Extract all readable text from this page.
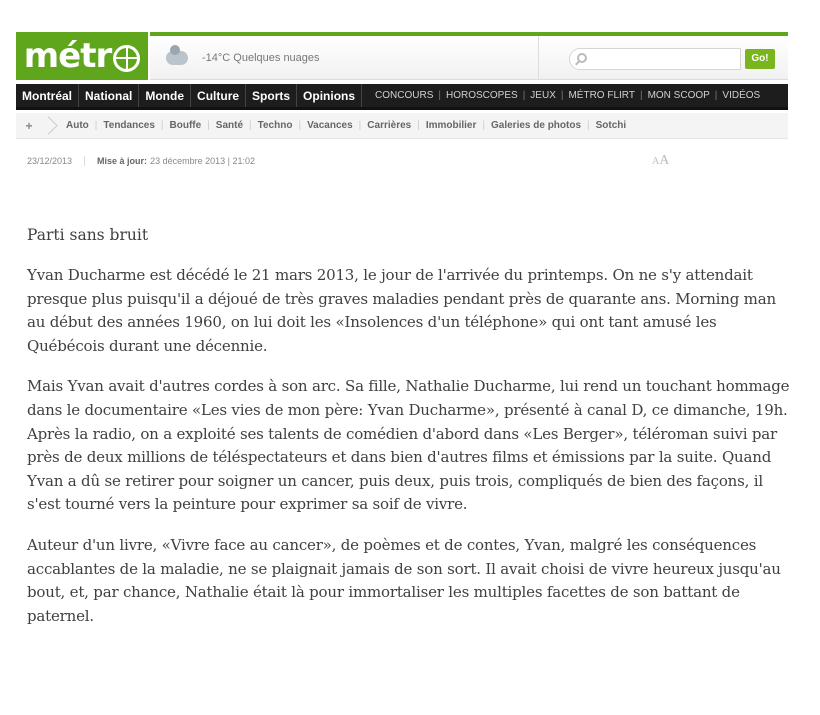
métr	-14°C Quelques nuages	Go!
Montréal	National	Monde	Culture	Sports	Opinions	CONCOURS | HOROSCOPES | JEUX | MÉTRO FLIRT | MON SCOOP | VIDÉOS
+	Auto | Tendances | Bouffe | Santé | Techno | Vacances | Carrières | Immobilier | Galeries de photos | Sotchi
23/12/2013	Mise à jour: 23 décembre 2013 | 21:02	AA
Parti sans bruit

Yvan Ducharme est décédé le 21 mars 2013, le jour de l'arrivée du printemps. On ne s'y attendait presque plus puisqu'il a déjoué de très graves maladies pendant près de quarante ans. Morning man au début des années 1960, on lui doit les «Insolences d'un téléphone» qui ont tant amusé les Québécois durant une décennie.

Mais Yvan avait d'autres cordes à son arc. Sa fille, Nathalie Ducharme, lui rend un touchant hommage dans le documentaire «Les vies de mon père: Yvan Ducharme», présenté à canal D, ce dimanche, 19h. Après la radio, on a exploité ses talents de comédien d'abord dans «Les Berger», téléroman suivi par près de deux millions de téléspectateurs et dans bien d'autres films et émissions par la suite. Quand Yvan a dû se retirer pour soigner un cancer, puis deux, puis trois, compliqués de bien des façons, il s'est tourné vers la peinture pour exprimer sa soif de vivre.

Auteur d'un livre, «Vivre face au cancer», de poèmes et de contes, Yvan, malgré les conséquences accablantes de la maladie, ne se plaignait jamais de son sort. Il avait choisi de vivre heureux jusqu'au bout, et, par chance, Nathalie était là pour immortaliser les multiples facettes de son battant de paternel.
